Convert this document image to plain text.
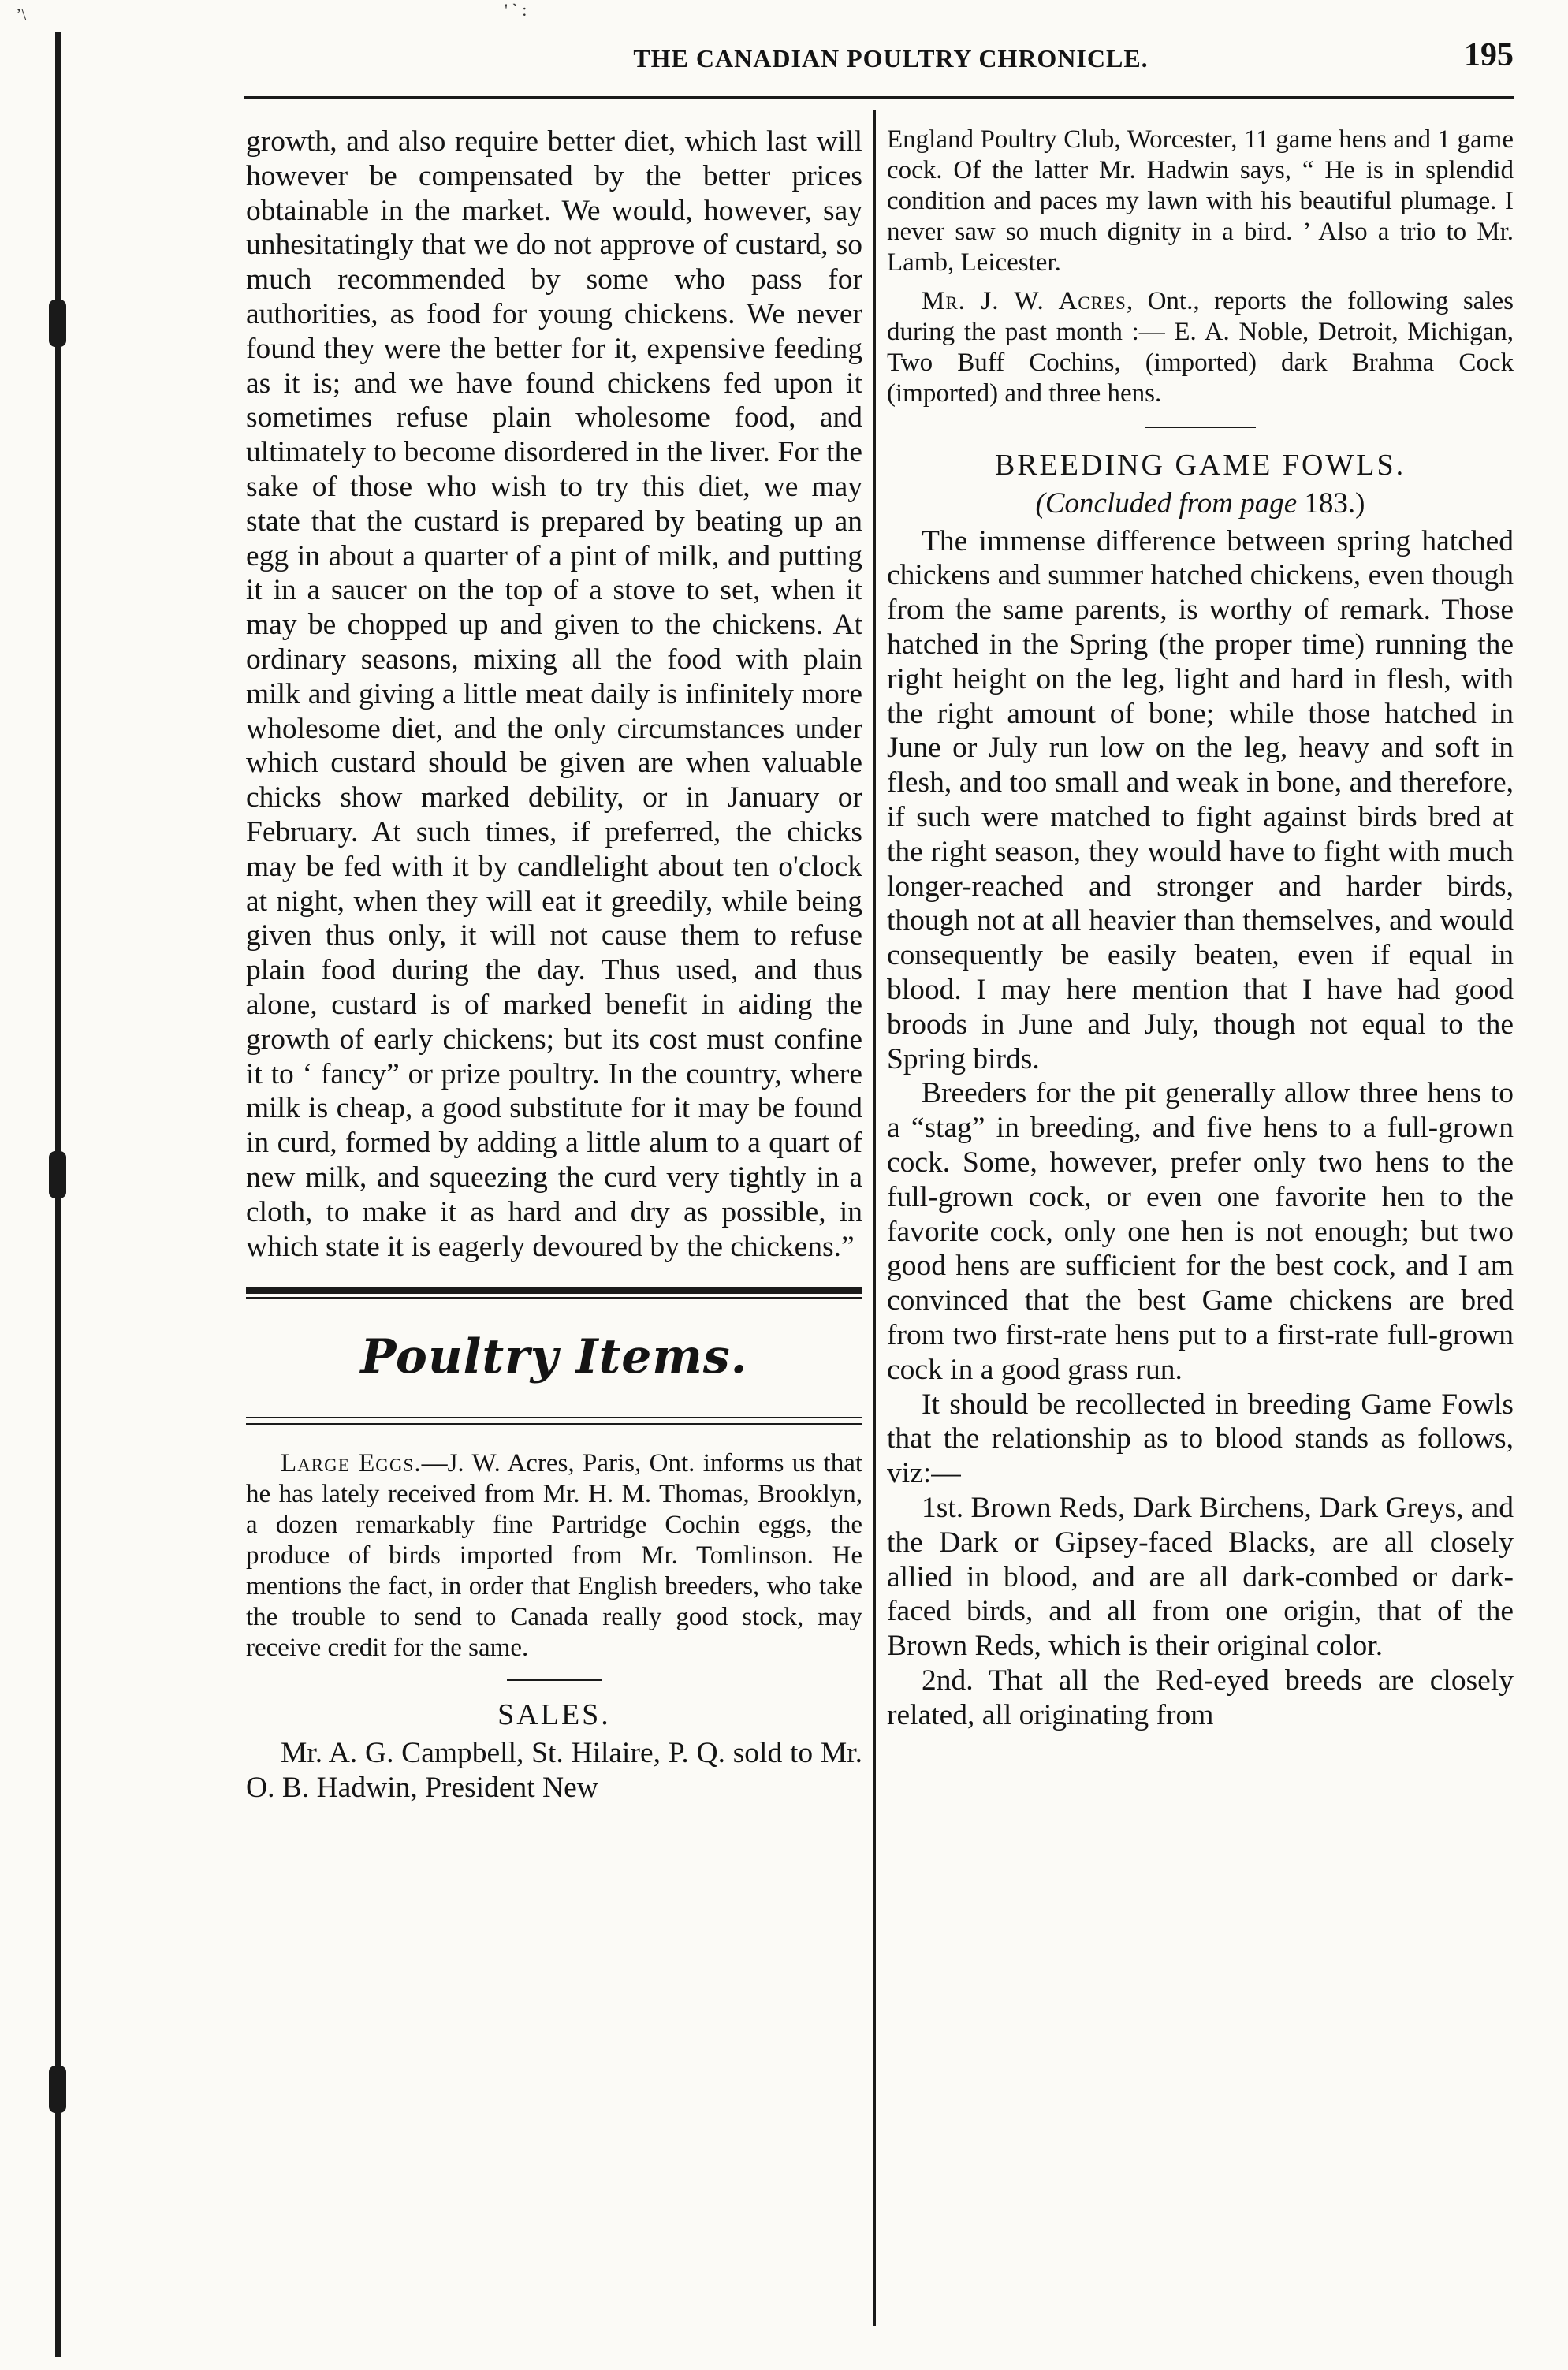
ʼ\	' ` :
THE CANADIAN POULTRY CHRONICLE.	195

growth, and also require better diet, which last will however be compensated by the better prices obtainable in the market. We would, however, say unhesitatingly that we do not approve of custard, so much recommended by some who pass for authorities, as food for young chickens. We never found they were the better for it, expensive feeding as it is; and we have found chickens fed upon it sometimes refuse plain wholesome food, and ultimately to become disordered in the liver. For the sake of those who wish to try this diet, we may state that the custard is prepared by beating up an egg in about a quarter of a pint of milk, and putting it in a saucer on the top of a stove to set, when it may be chopped up and given to the chickens. At ordinary seasons, mixing all the food with plain milk and giving a little meat daily is infinitely more wholesome diet, and the only circumstances under which custard should be given are when valuable chicks show marked debility, or in January or February. At such times, if preferred, the chicks may be fed with it by candlelight about ten o'clock at night, when they will eat it greedily, while being given thus only, it will not cause them to refuse plain food during the day. Thus used, and thus alone, custard is of marked benefit in aiding the growth of early chickens; but its cost must confine it to ‘ fancy” or prize poultry. In the country, where milk is cheap, a good substitute for it may be found in curd, formed by adding a little alum to a quart of new milk, and squeezing the curd very tightly in a cloth, to make it as hard and dry as possible, in which state it is eagerly devoured by the chickens.”

Poultry Items.

Large Eggs.—J. W. Acres, Paris, Ont. informs us that he has lately received from Mr. H. M. Thomas, Brooklyn, a dozen remarkably fine Partridge Cochin eggs, the produce of birds imported from Mr. Tomlinson. He mentions the fact, in order that English breeders, who take the trouble to send to Canada really good stock, may receive credit for the same.

SALES.

Mr. A. G. Campbell, St. Hilaire, P. Q. sold to Mr. O. B. Hadwin, President New

England Poultry Club, Worcester, 11 game hens and 1 game cock. Of the latter Mr. Hadwin says, “ He is in splendid condition and paces my lawn with his beautiful plumage. I never saw so much dignity in a bird. ’ Also a trio to Mr. Lamb, Leicester.

Mr. J. W. Acres, Ont., reports the following sales during the past month :— E. A. Noble, Detroit, Michigan, Two Buff Cochins, (imported) dark Brahma Cock (imported) and three hens.

BREEDING GAME FOWLS.
(Concluded from page 183.)

The immense difference between spring hatched chickens and summer hatched chickens, even though from the same parents, is worthy of remark. Those hatched in the Spring (the proper time) running the right height on the leg, light and hard in flesh, with the right amount of bone; while those hatched in June or July run low on the leg, heavy and soft in flesh, and too small and weak in bone, and therefore, if such were matched to fight against birds bred at the right season, they would have to fight with much longer-reached and stronger and harder birds, though not at all heavier than themselves, and would consequently be easily beaten, even if equal in blood. I may here mention that I have had good broods in June and July, though not equal to the Spring birds.

Breeders for the pit generally allow three hens to a “stag” in breeding, and five hens to a full-grown cock. Some, however, prefer only two hens to the full-grown cock, or even one favorite hen to the favorite cock, only one hen is not enough; but two good hens are sufficient for the best cock, and I am convinced that the best Game chickens are bred from two first-rate hens put to a first-rate full-grown cock in a good grass run.

It should be recollected in breeding Game Fowls that the relationship as to blood stands as follows, viz:—

1st. Brown Reds, Dark Birchens, Dark Greys, and the Dark or Gipsey-faced Blacks, are all closely allied in blood, and are all dark-combed or dark-faced birds, and all from one origin, that of the Brown Reds, which is their original color.

2nd. That all the Red-eyed breeds are closely related, all originating from
